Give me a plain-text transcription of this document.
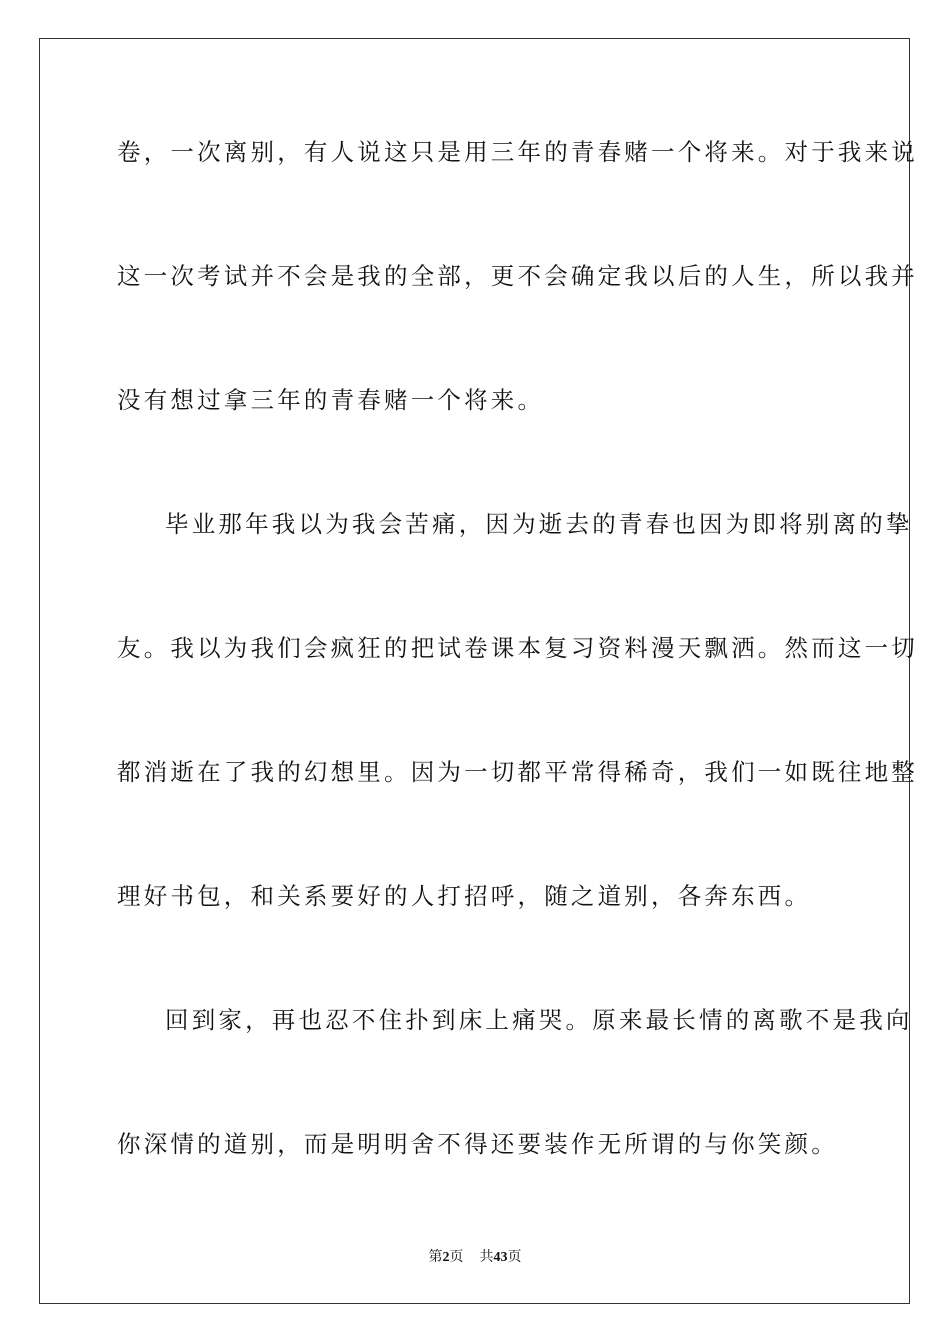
卷，一次离别，有人说这只是用三年的青春赌一个将来。对于我来说
这一次考试并不会是我的全部，更不会确定我以后的人生，所以我并
没有想过拿三年的青春赌一个将来。
毕业那年我以为我会苦痛，因为逝去的青春也因为即将别离的挚
友。我以为我们会疯狂的把试卷课本复习资料漫天飘洒。然而这一切
都消逝在了我的幻想里。因为一切都平常得稀奇，我们一如既往地整
理好书包，和关系要好的人打招呼，随之道别，各奔东西。
回到家，再也忍不住扑到床上痛哭。原来最长情的离歌不是我向
你深情的道别，而是明明舍不得还要装作无所谓的与你笑颜。
第2页 共43页
